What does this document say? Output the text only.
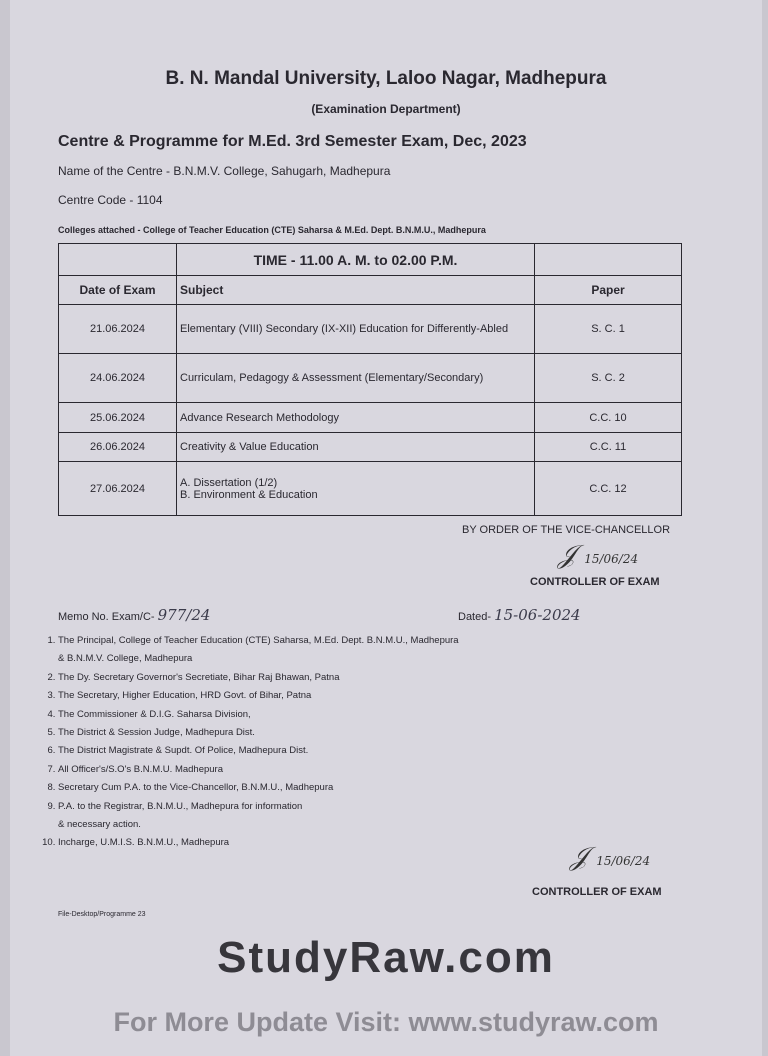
B. N. Mandal University, Laloo Nagar, Madhepura
(Examination Department)
Centre & Programme for M.Ed. 3rd Semester Exam, Dec, 2023
Name of the Centre - B.N.M.V. College, Sahugarh, Madhepura
Centre Code - 1104
Colleges attached - College of Teacher Education (CTE) Saharsa & M.Ed. Dept. B.N.M.U., Madhepura
	TIME - 11.00 A. M. to 02.00 P.M.	
Date of Exam	Subject	Paper
21.06.2024	Elementary (VIII) Secondary (IX-XII) Education for Differently-Abled	S. C. 1
24.06.2024	Curriculam, Pedagogy & Assessment (Elementary/Secondary)	S. C. 2
25.06.2024	Advance Research Methodology	C.C. 10
26.06.2024	Creativity & Value Education	C.C. 11
27.06.2024	A. Dissertation (1/2)
B. Environment & Education	C.C. 12
BY ORDER OF THE VICE-CHANCELLOR
𝒥 15/06/24
CONTROLLER OF EXAM
Memo No. Exam/C- 977/24	Dated- 15-06-2024
1. The Principal, College of Teacher Education (CTE) Saharsa, M.Ed. Dept. B.N.M.U., Madhepura
& B.N.M.V. College, Madhepura
2. The Dy. Secretary Governor's Secretiate, Bihar Raj Bhawan, Patna
3. The Secretary, Higher Education, HRD Govt. of Bihar, Patna
4. The Commissioner & D.I.G. Saharsa Division,
5. The District & Session Judge, Madhepura Dist.
6. The District Magistrate & Supdt. Of Police, Madhepura Dist.
7. All Officer's/S.O's B.N.M.U. Madhepura
8. Secretary Cum P.A. to the Vice-Chancellor, B.N.M.U., Madhepura
9. P.A. to the Registrar, B.N.M.U., Madhepura for information
& necessary action.
10. Incharge, U.M.I.S. B.N.M.U., Madhepura	𝒥 15/06/24
CONTROLLER OF EXAM
File-Desktop/Programme 23
StudyRaw.com
For More Update Visit: www.studyraw.com
